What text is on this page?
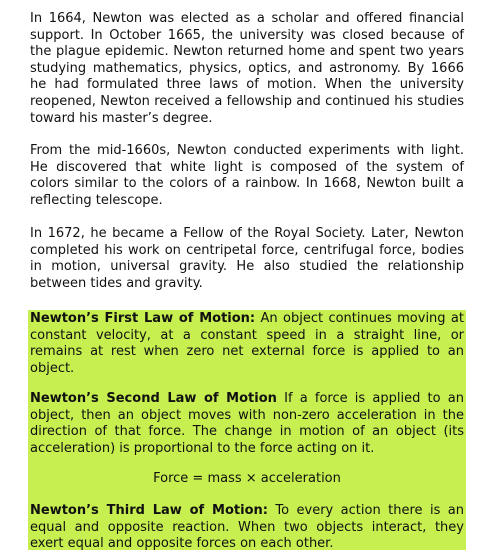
In 1664, Newton was elected as a scholar and offered financial support. In October 1665, the university was closed because of the plague epidemic. Newton returned home and spent two years studying mathematics, physics, optics, and astronomy. By 1666 he had formulated three laws of motion. When the university reopened, Newton received a fellowship and continued his studies toward his master’s degree.

From the mid-1660s, Newton conducted experiments with light. He discovered that white light is composed of the system of colors similar to the colors of a rainbow. In 1668, Newton built a reflecting telescope.

In 1672, he became a Fellow of the Royal Society. Later, Newton completed his work on centripetal force, centrifugal force, bodies in motion, universal gravity. He also studied the relationship between tides and gravity.

Newton’s First Law of Motion: An object continues moving at constant velocity, at a constant speed in a straight line, or remains at rest when zero net external force is applied to an object.

Newton’s Second Law of Motion If a force is applied to an object, then an object moves with non-zero acceleration in the direction of that force. The change in motion of an object (its acceleration) is proportional to the force acting on it.

Force = mass × acceleration

Newton’s Third Law of Motion: To every action there is an equal and opposite reaction. When two objects interact, they exert equal and opposite forces on each other.
